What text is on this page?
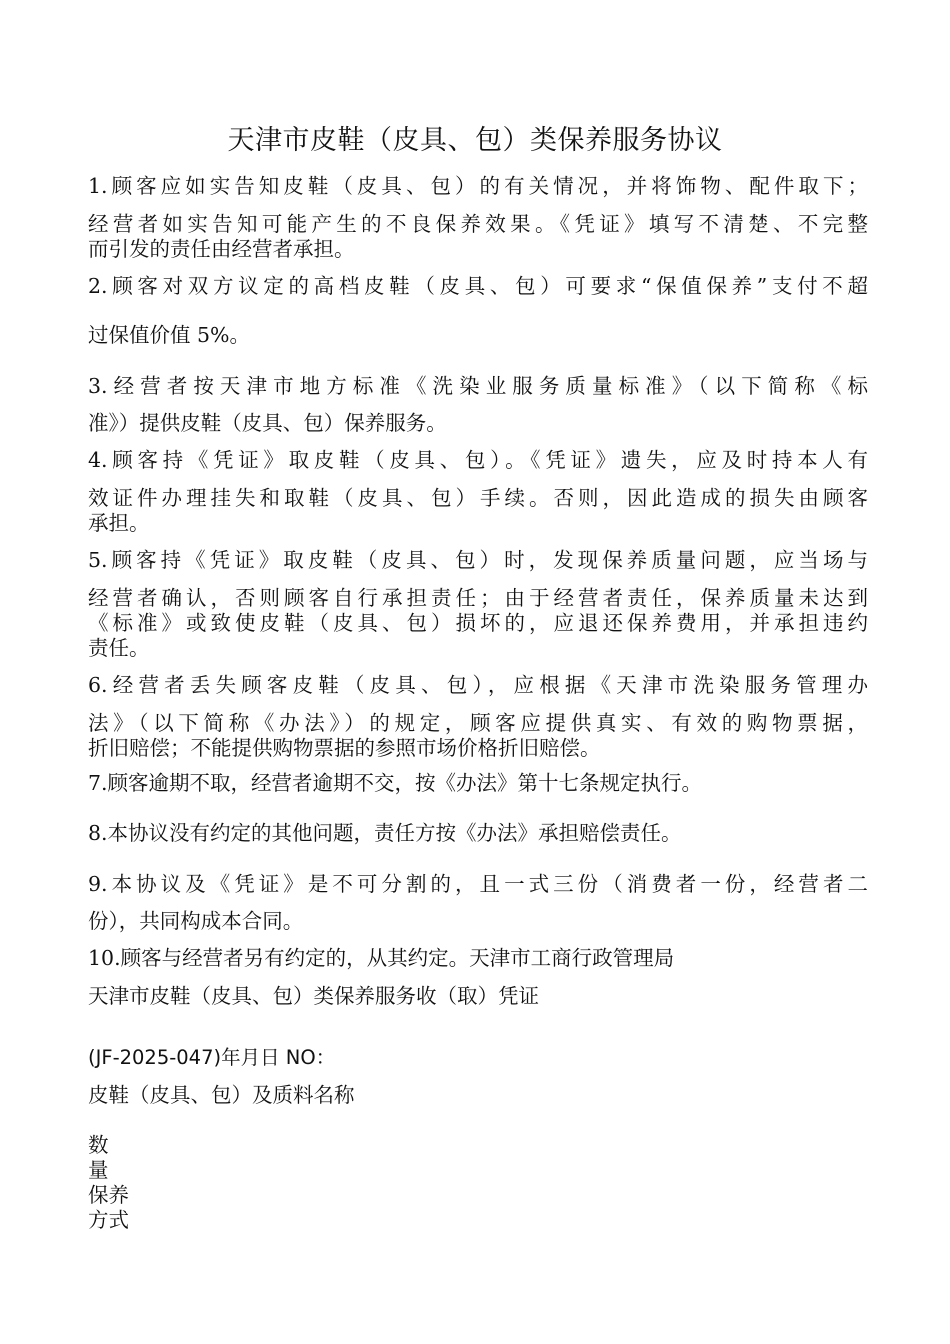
天津市皮鞋（皮具、包）类保养服务协议

1.顾客应如实告知皮鞋（皮具、包）的有关情况，并将饰物、配件取下；

经营者如实告知可能产生的不良保养效果。《凭证》填写不清楚、不完整

而引发的责任由经营者承担。

2.顾客对双方议定的高档皮鞋（皮具、包）可要求“保值保养”支付不超

过保值价值 5%。

3.经营者按天津市地方标准《洗染业服务质量标准》（以下简称《标

准》）提供皮鞋（皮具、包）保养服务。

4.顾客持《凭证》取皮鞋（皮具、包）。《凭证》遗失，应及时持本人有

效证件办理挂失和取鞋（皮具、包）手续。否则，因此造成的损失由顾客

承担。

5.顾客持《凭证》取皮鞋（皮具、包）时，发现保养质量问题，应当场与

经营者确认，否则顾客自行承担责任；由于经营者责任，保养质量未达到

《标准》或致使皮鞋（皮具、包）损坏的，应退还保养费用，并承担违约

责任。

6.经营者丢失顾客皮鞋（皮具、包），应根据《天津市洗染服务管理办

法》（以下简称《办法》）的规定，顾客应提供真实、有效的购物票据，

折旧赔偿；不能提供购物票据的参照市场价格折旧赔偿。

7.顾客逾期不取，经营者逾期不交，按《办法》第十七条规定执行。

8.本协议没有约定的其他问题，责任方按《办法》承担赔偿责任。

9.本协议及《凭证》是不可分割的，且一式三份（消费者一份，经营者二

份），共同构成本合同。

10.顾客与经营者另有约定的，从其约定。天津市工商行政管理局

天津市皮鞋（皮具、包）类保养服务收（取）凭证

(JF-2025-047)年月日 NO：

皮鞋（皮具、包）及质料名称

数

量

保养

方式
